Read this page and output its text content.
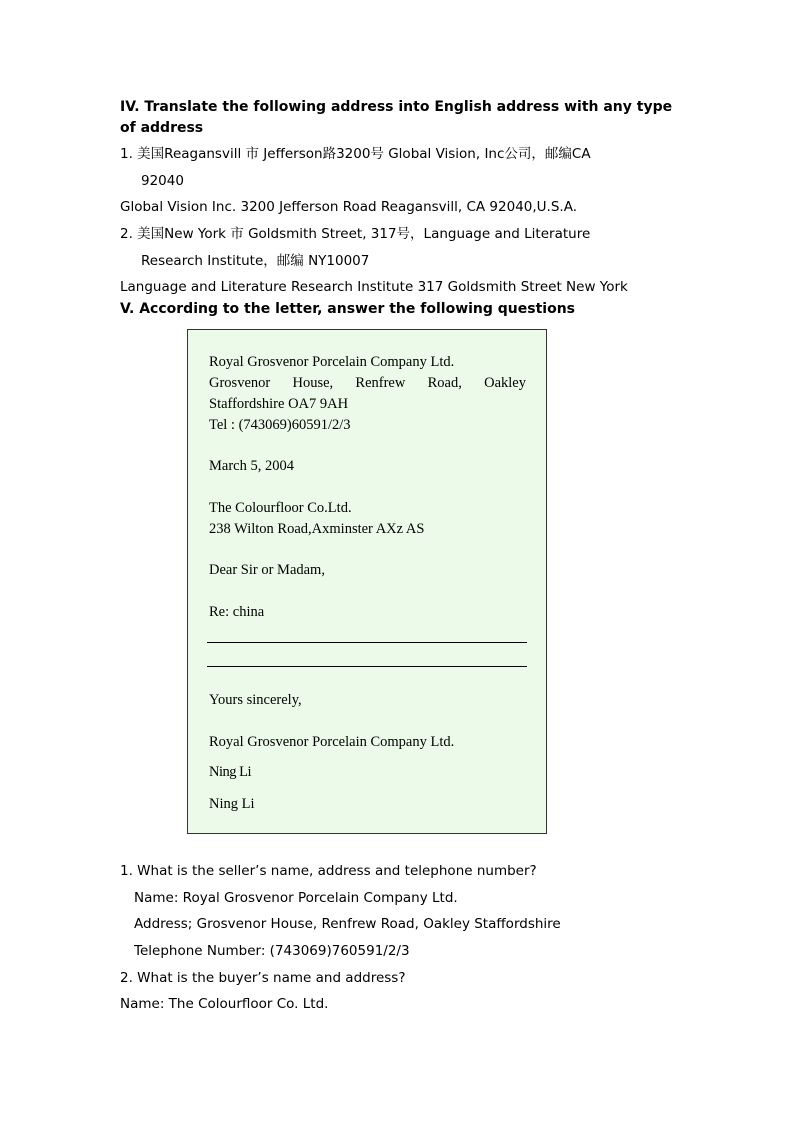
IV. Translate the following address into English address with any type
of address
1. 美国Reagansvill 市 Jefferson路3200号 Global Vision, Inc公司，邮编CA
92040
Global Vision Inc. 3200 Jefferson Road Reagansvill, CA 92040,U.S.A.
2. 美国New York 市 Goldsmith Street, 317号，Language and Literature
Research Institute，邮编 NY10007
Language and Literature Research Institute 317 Goldsmith Street New York
V. According to the letter, answer the following questions
1. What is the seller’s name, address and telephone number?
Name: Royal Grosvenor Porcelain Company Ltd.
Address; Grosvenor House, Renfrew Road, Oakley Staffordshire
Telephone Number: (743069)760591/2/3
2. What is the buyer’s name and address?
Name: The Colourfloor Co. Ltd.
Royal Grosvenor Porcelain Company Ltd.
Grosvenor House, Renfrew Road, Oakley
Staffordshire OA7 9AH
Tel : (743069)60591/2/3
March 5, 2004
The Colourfloor Co.Ltd.
238 Wilton Road,Axminster AXz AS
Dear Sir or Madam,
Re: china
Yours sincerely,
Royal Grosvenor Porcelain Company Ltd.
Ning Li
Ning Li
